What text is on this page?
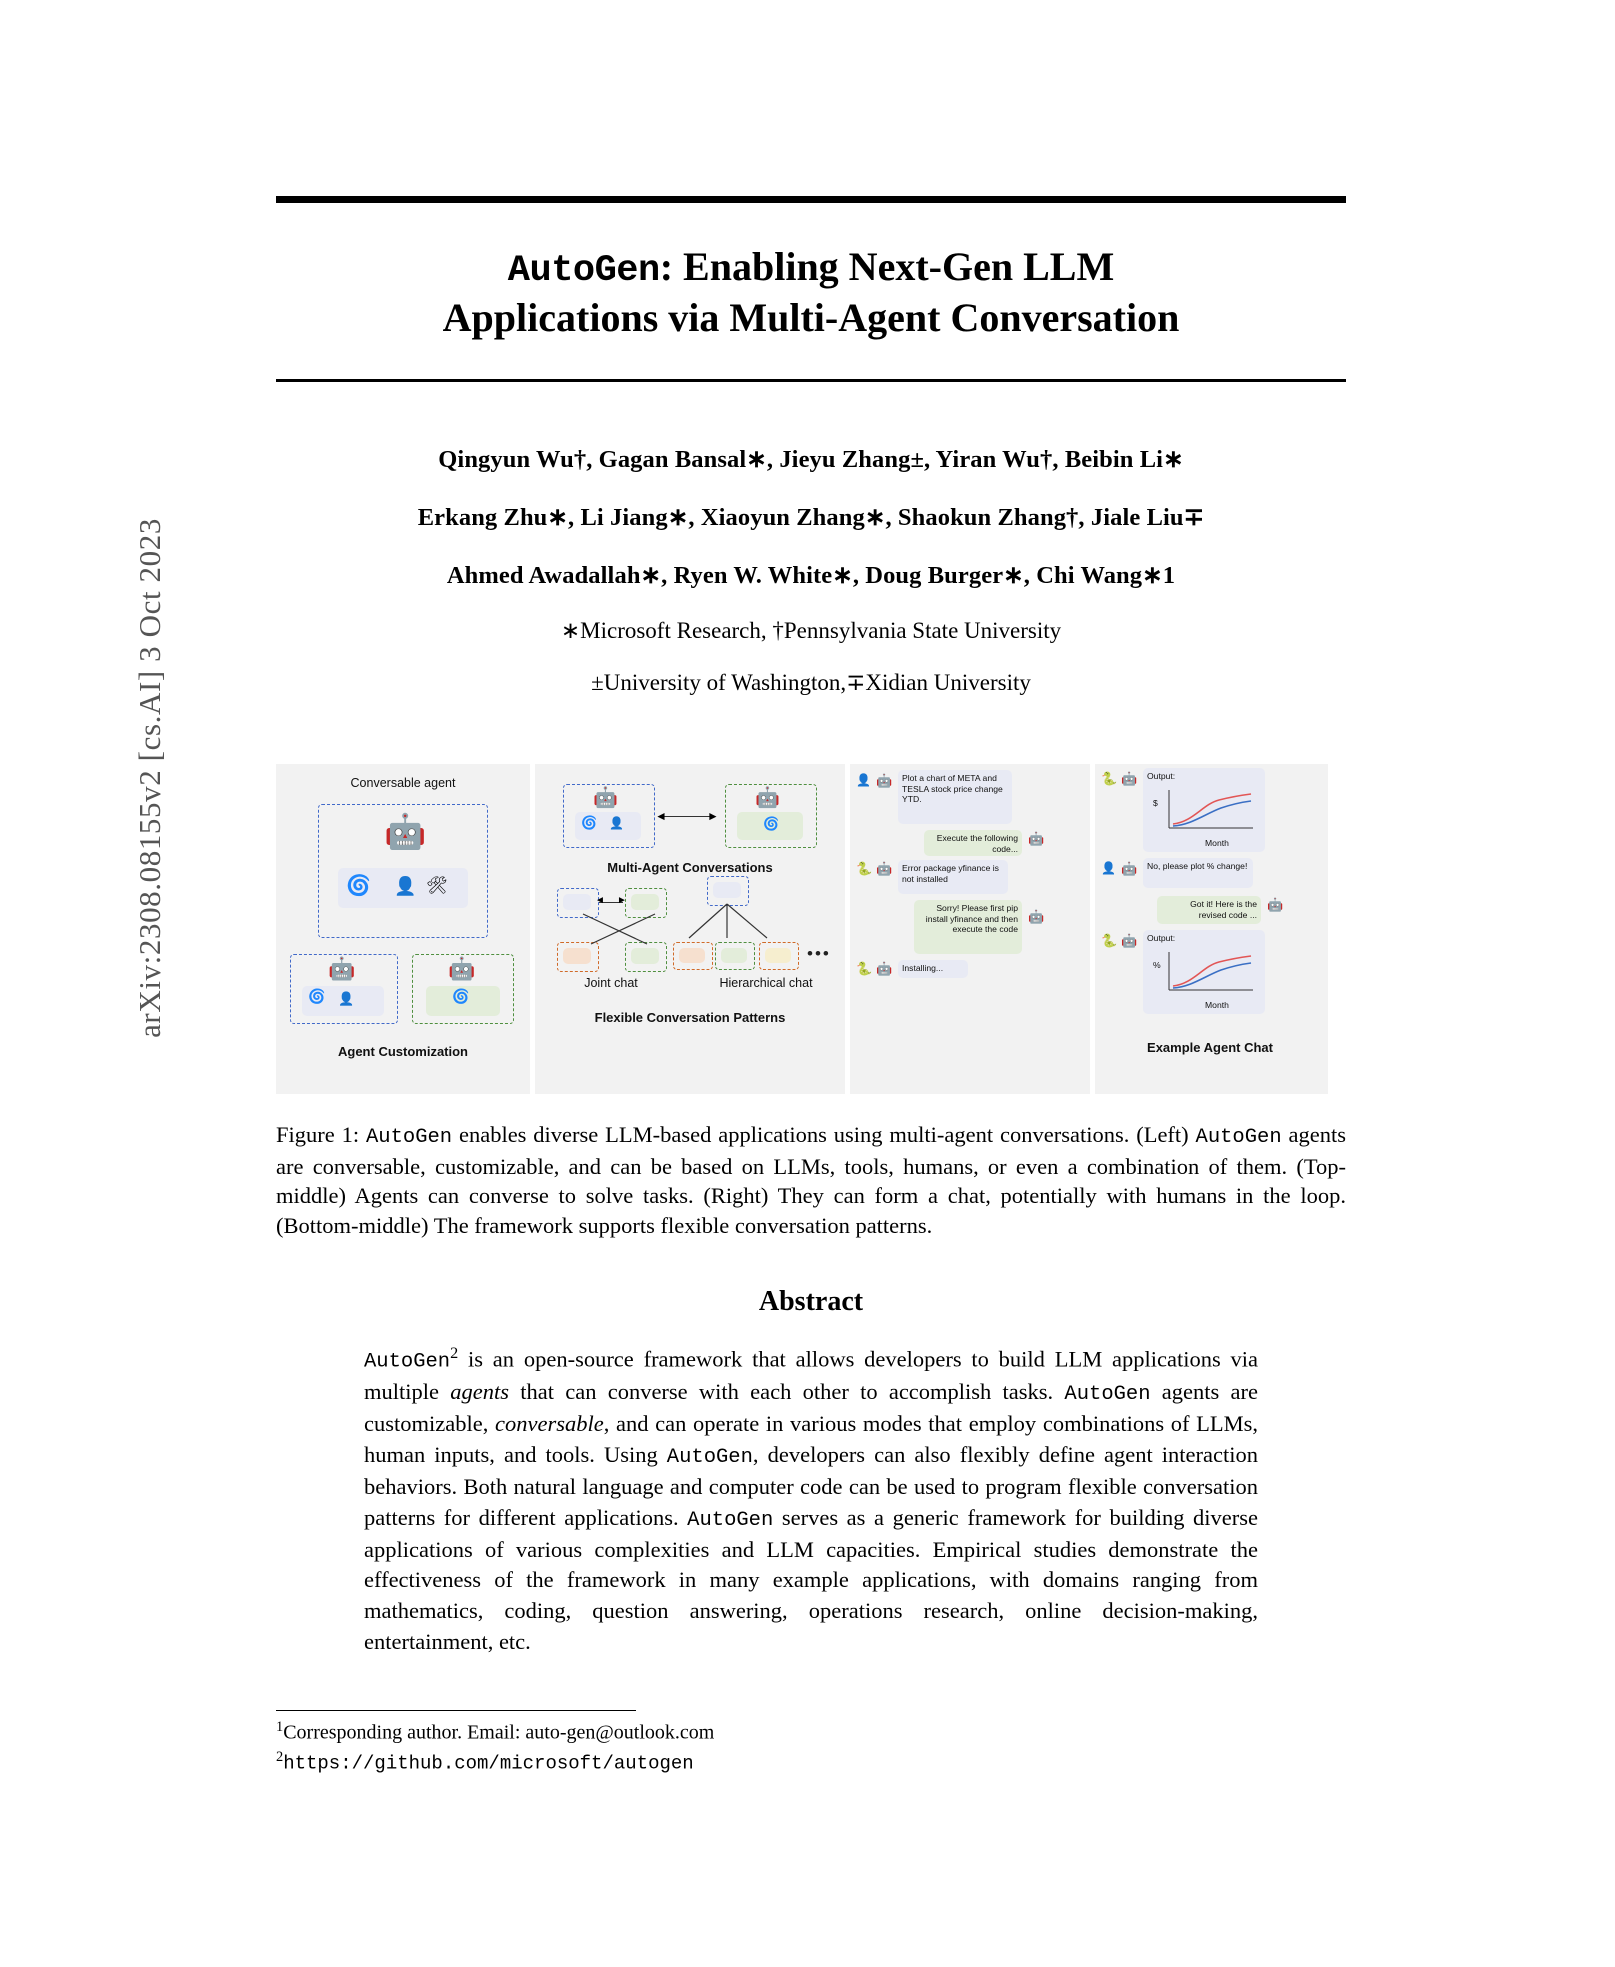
arXiv:2308.08155v2 [cs.AI] 3 Oct 2023
AutoGen: Enabling Next-Gen LLM
Applications via Multi-Agent Conversation
Qingyun Wu†, Gagan Bansal∗, Jieyu Zhang±, Yiran Wu†, Beibin Li∗
Erkang Zhu∗, Li Jiang∗, Xiaoyun Zhang∗, Shaokun Zhang†, Jiale Liu∓
Ahmed Awadallah∗, Ryen W. White∗, Doug Burger∗, Chi Wang∗1
∗Microsoft Research, †Pennsylvania State University
±University of Washington,∓Xidian University
Conversable agent
🤖
🌀 👤 🛠
🤖
🌀 👤
🤖
🌀
Agent Customization
🤖
🌀 👤	◄	►
🤖
🌀
Multi-Agent Conversations
◄ ►
Joint chat
•••
Hierarchical chat
Flexible Conversation Patterns
👤 🤖	Plot a chart of META and TESLA stock price change YTD.
Execute the following code...
🤖
🐍 🤖	Error package yfinance is not installed
Sorry! Please first pip install yfinance and then execute the code
🤖
🐍 🤖	Installing...
🐍 🤖	Output:
$
Month
👤 🤖	No, please plot % change!
Got it! Here is the revised code ...
🤖
🐍 🤖	Output:
%
Month
Example Agent Chat
Figure 1: AutoGen enables diverse LLM-based applications using multi-agent conversations. (Left) AutoGen agents are conversable, customizable, and can be based on LLMs, tools, humans, or even a combination of them. (Top-middle) Agents can converse to solve tasks. (Right) They can form a chat, potentially with humans in the loop. (Bottom-middle) The framework supports flexible conversation patterns.
Abstract
AutoGen$^2$ is an open-source framework that allows developers to build LLM applications via multiple agents that can converse with each other to accomplish tasks. AutoGen agents are customizable, conversable, and can operate in various modes that employ combinations of LLMs, human inputs, and tools. Using AutoGen, developers can also flexibly define agent interaction behaviors. Both natural language and computer code can be used to program flexible conversation patterns for different applications. AutoGen serves as a generic framework for building diverse applications of various complexities and LLM capacities. Empirical studies demonstrate the effectiveness of the framework in many example applications, with domains ranging from mathematics, coding, question answering, operations research, online decision-making, entertainment, etc.
$^1$Corresponding author. Email: auto-gen@outlook.com
$^2$https://github.com/microsoft/autogen
